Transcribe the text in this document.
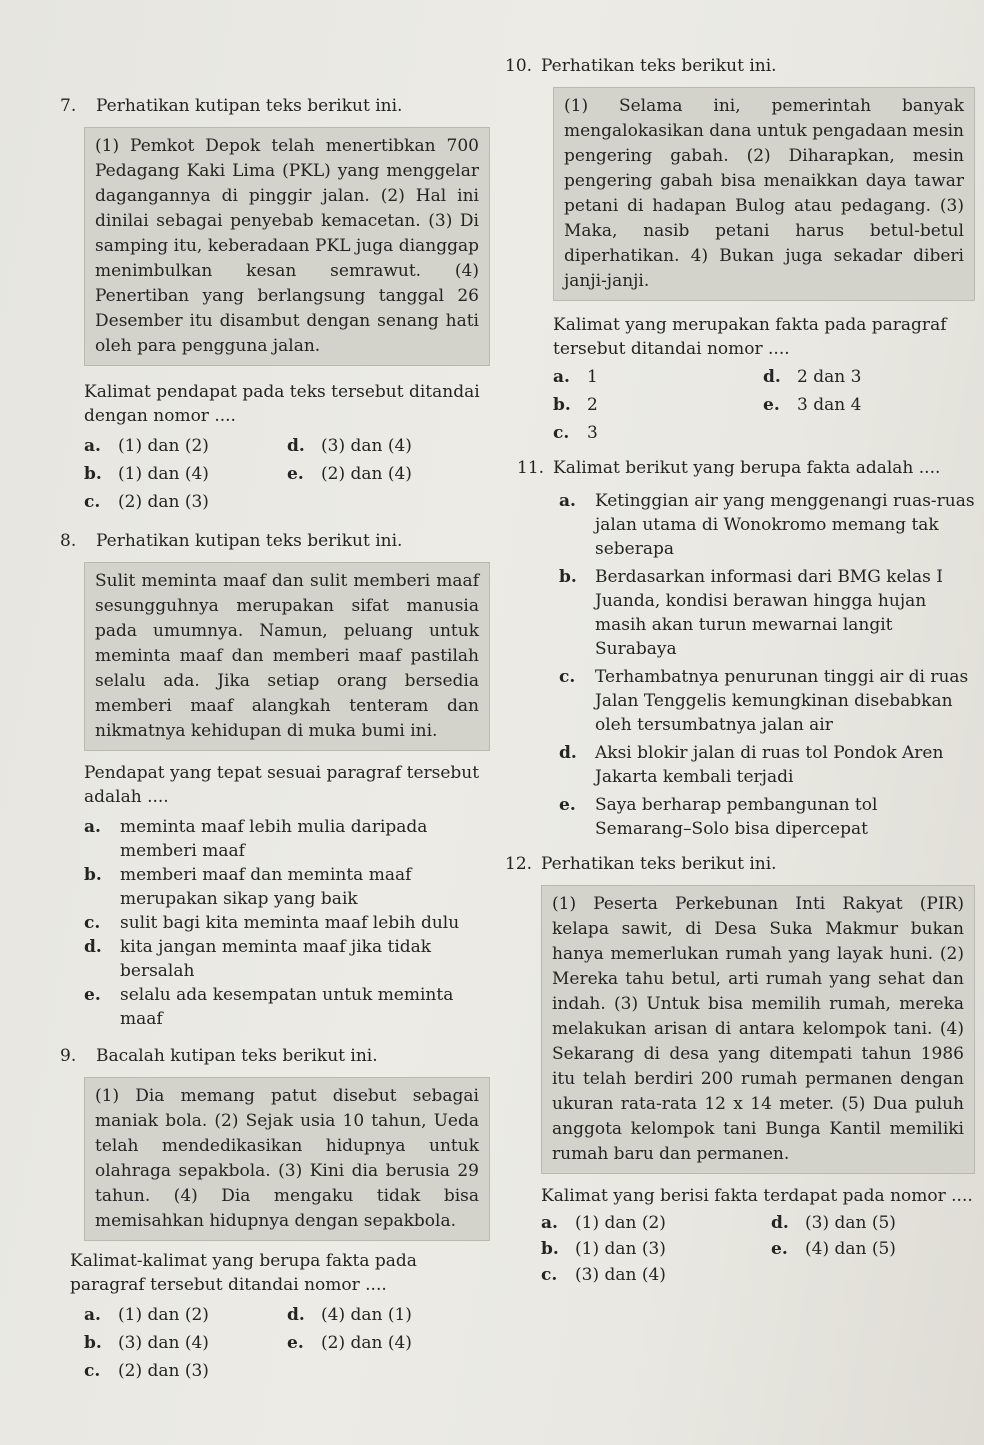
7.	Perhatikan kutipan teks berikut ini.
(1) Pemkot Depok telah menertibkan 700 Pedagang Kaki Lima (PKL) yang menggelar dagangannya di pinggir jalan. (2) Hal ini dinilai sebagai penyebab kemacetan. (3) Di samping itu, keberadaan PKL juga dianggap menimbulkan kesan semrawut. (4) Penertiban yang berlangsung tanggal 26 Desember itu disambut dengan senang hati oleh para pengguna jalan.
Kalimat pendapat pada teks tersebut ditandai dengan nomor ....
a. (1) dan (2)	d. (3) dan (4)
b. (1) dan (4)	e. (2) dan (4)
c. (2) dan (3)
8.	Perhatikan kutipan teks berikut ini.
Sulit meminta maaf dan sulit memberi maaf sesungguhnya merupakan sifat manusia pada umumnya. Namun, peluang untuk meminta maaf dan memberi maaf pastilah selalu ada. Jika setiap orang bersedia memberi maaf alangkah tenteram dan nikmatnya kehidupan di muka bumi ini.
Pendapat yang tepat sesuai paragraf tersebut adalah ....
a.	meminta maaf lebih mulia daripada memberi maaf
b.	memberi maaf dan meminta maaf merupakan sikap yang baik
c.	sulit bagi kita meminta maaf lebih dulu
d.	kita jangan meminta maaf jika tidak bersalah
e.	selalu ada kesempatan untuk meminta maaf
9.	Bacalah kutipan teks berikut ini.
(1) Dia memang patut disebut sebagai maniak bola. (2) Sejak usia 10 tahun, Ueda telah mendedikasikan hidupnya untuk olahraga sepakbola. (3) Kini dia berusia 29 tahun. (4) Dia mengaku tidak bisa memisahkan hidupnya dengan sepakbola.
Kalimat-kalimat yang berupa fakta pada paragraf tersebut ditandai nomor ....
a. (1) dan (2)	d. (4) dan (1)
b. (3) dan (4)	e. (2) dan (4)
c. (2) dan (3)
10. Perhatikan teks berikut ini.
(1) Selama ini, pemerintah banyak mengalokasikan dana untuk pengadaan mesin pengering gabah. (2) Diharapkan, mesin pengering gabah bisa menaikkan daya tawar petani di hadapan Bulog atau pedagang. (3) Maka, nasib petani harus betul-betul diperhatikan. 4) Bukan juga sekadar diberi janji-janji.
Kalimat yang merupakan fakta pada paragraf tersebut ditandai nomor ....
a. 1	d. 2 dan 3
b. 2	e. 3 dan 4
c. 3
11. Kalimat berikut yang berupa fakta adalah ....
a.	Ketinggian air yang menggenangi ruas-ruas jalan utama di Wonokromo memang tak seberapa
b.	Berdasarkan informasi dari BMG kelas I Juanda, kondisi berawan hingga hujan masih akan turun mewarnai langit Surabaya
c.	Terhambatnya penurunan tinggi air di ruas Jalan Tenggelis kemungkinan disebabkan oleh tersumbatnya jalan air
d.	Aksi blokir jalan di ruas tol Pondok Aren Jakarta kembali terjadi
e.	Saya berharap pembangunan tol Semarang–Solo bisa dipercepat
12. Perhatikan teks berikut ini.
(1) Peserta Perkebunan Inti Rakyat (PIR) kelapa sawit, di Desa Suka Makmur bukan hanya memerlukan rumah yang layak huni. (2) Mereka tahu betul, arti rumah yang sehat dan indah. (3) Untuk bisa memilih rumah, mereka melakukan arisan di antara kelompok tani. (4) Sekarang di desa yang ditempati tahun 1986 itu telah berdiri 200 rumah permanen dengan ukuran rata-rata 12 x 14 meter. (5) Dua puluh anggota kelompok tani Bunga Kantil memiliki rumah baru dan permanen.
Kalimat yang berisi fakta terdapat pada nomor ....
a. (1) dan (2)	d. (3) dan (5)
b. (1) dan (3)	e. (4) dan (5)
c. (3) dan (4)
